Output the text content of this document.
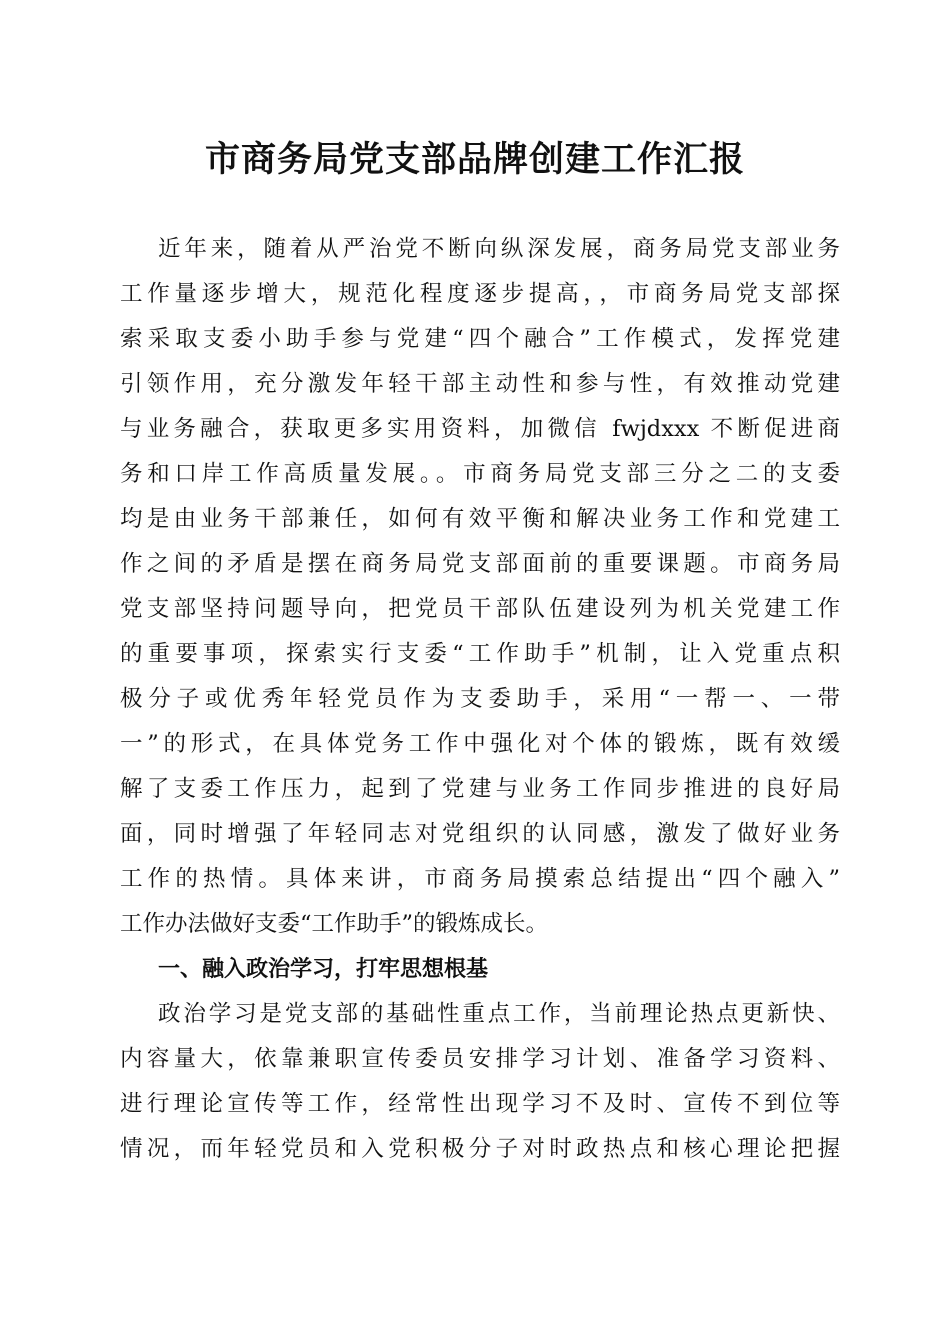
市商务局党支部品牌创建工作汇报
近年来，随着从严治党不断向纵深发展，商务局党支部业务
工作量逐步增大，规范化程度逐步提高，，市商务局党支部探
索采取支委小助手参与党建“四个融合”工作模式，发挥党建
引领作用，充分激发年轻干部主动性和参与性，有效推动党建
与业务融合，获取更多实用资料，加微信 fwjdxxx 不断促进商
务和口岸工作高质量发展。。市商务局党支部三分之二的支委
均是由业务干部兼任，如何有效平衡和解决业务工作和党建工
作之间的矛盾是摆在商务局党支部面前的重要课题。市商务局
党支部坚持问题导向，把党员干部队伍建设列为机关党建工作
的重要事项，探索实行支委“工作助手”机制，让入党重点积
极分子或优秀年轻党员作为支委助手，采用“一帮一、一带
一”的形式，在具体党务工作中强化对个体的锻炼，既有效缓
解了支委工作压力，起到了党建与业务工作同步推进的良好局
面，同时增强了年轻同志对党组织的认同感，激发了做好业务
工作的热情。具体来讲，市商务局摸索总结提出“四个融入”
工作办法做好支委“工作助手”的锻炼成长。
一、融入政治学习，打牢思想根基
政治学习是党支部的基础性重点工作，当前理论热点更新快、
内容量大，依靠兼职宣传委员安排学习计划、准备学习资料、
进行理论宣传等工作，经常性出现学习不及时、宣传不到位等
情况，而年轻党员和入党积极分子对时政热点和核心理论把握
